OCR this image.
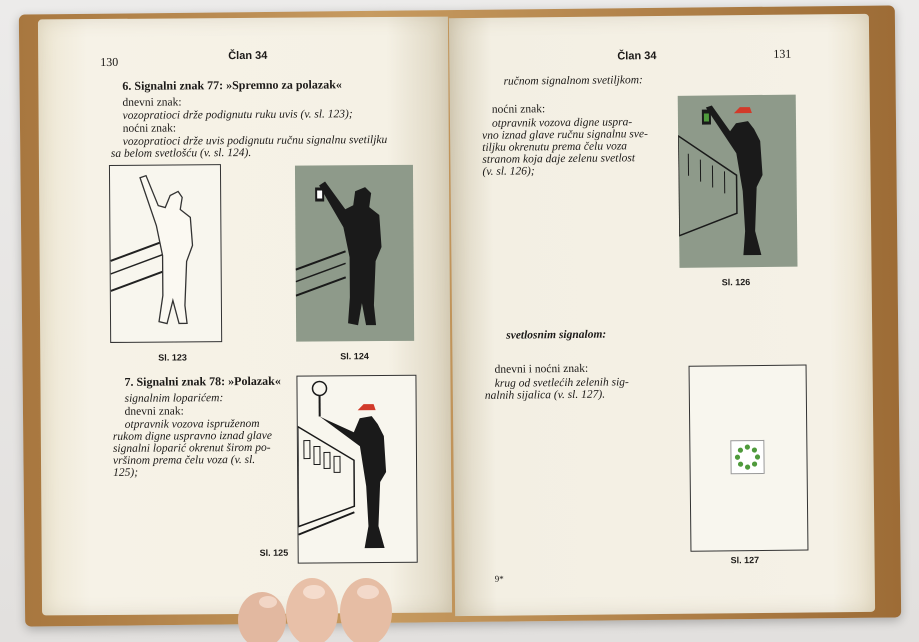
130	Član 34
6. Signalni znak 77: »Spremno za polazak«
dnevni znak:
vozopratioci drže podignutu ruku uvis (v. sl. 123);
noćni znak:
vozopratioci drže uvis podignutu ručnu signalnu svetiljku
sa belom svetlošću (v. sl. 124).
Sl. 123	Sl. 124
7. Signalni znak 78: »Polazak«
signalnim loparićem:
dnevni znak:
otpravnik vozova ispruženom
rukom digne uspravno iznad glave
signalni loparić okrenut širom po-
vršinom prema čelu voza (v. sl.
125);
Sl. 125
Član 34	131
ručnom signalnom svetiljkom:
noćni znak:
otpravnik vozova digne uspra-
vno iznad glave ručnu signalnu sve-
tiljku okrenutu prema čelu voza
stranom koja daje zelenu svetlost
(v. sl. 126);
Sl. 126
svetlosnim signalom:
dnevni i noćni znak:
krug od svetlećih zelenih sig-
nalnih sijalica (v. sl. 127).
Sl. 127
9*
